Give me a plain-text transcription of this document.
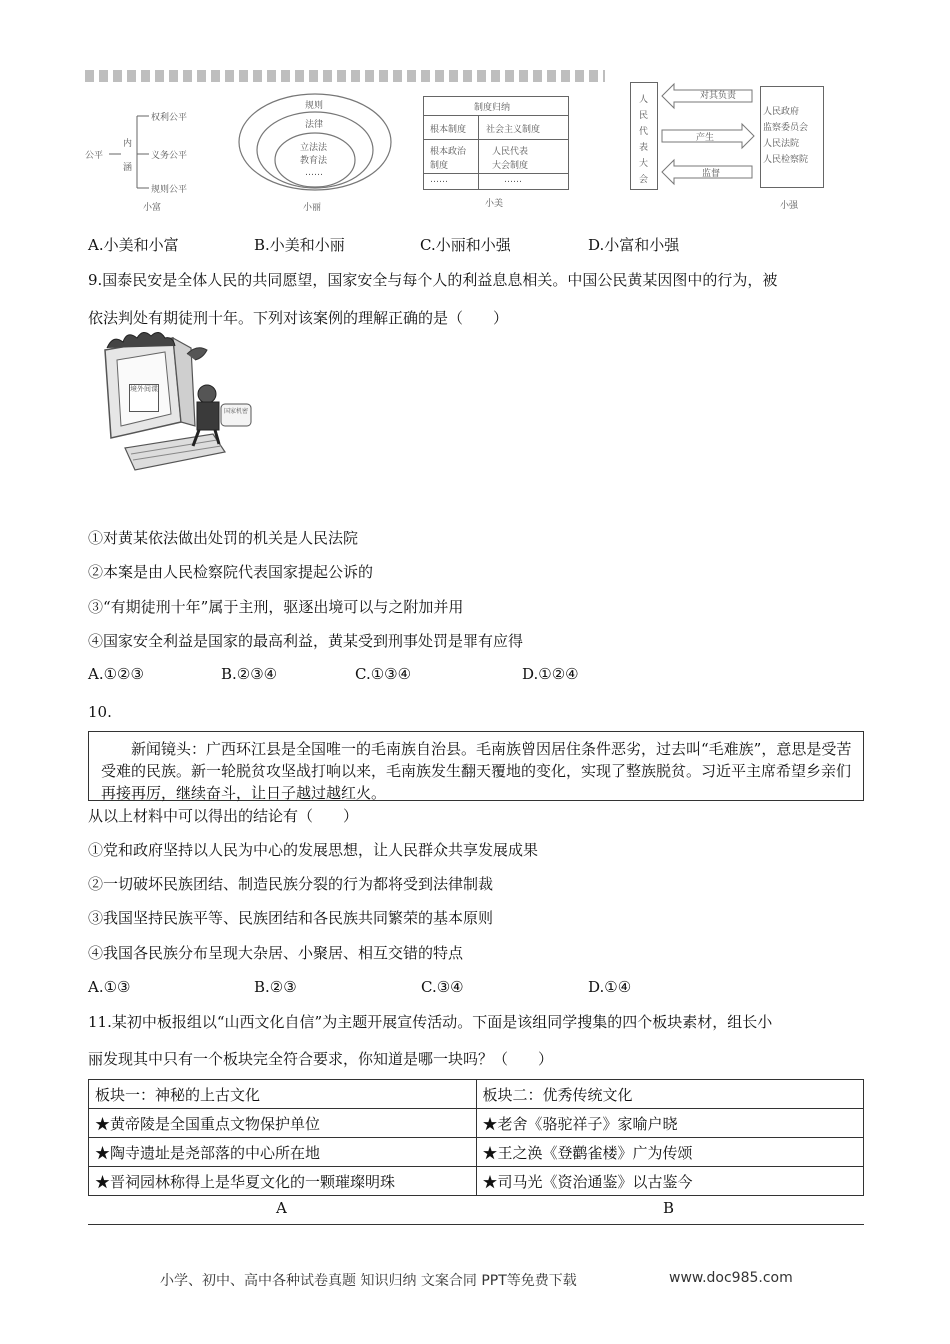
公平
内
涵
权利公平
义务公平
规则公平
小富
规则
法律
立法法
教育法
……
小丽
制度归纳
根本制度 社会主义制度
根本政治	人民代表
制度	大会制度
……	……
小美
人民代表大会
对其负责
产生
监督
人民政府
监察委员会
人民法院
人民检察院
小强
A.小美和小富	B.小美和小丽	C.小丽和小强	D.小富和小强
9.国泰民安是全体人民的共同愿望，国家安全与每个人的利益息息相关。中国公民黄某因图中的行为，被
依法判处有期徒刑十年。下列对该案例的理解正确的是（　　）
境外间谍
国家机密
①对黄某依法做出处罚的机关是人民法院
②本案是由人民检察院代表国家提起公诉的
③“有期徒刑十年”属于主刑，驱逐出境可以与之附加并用
④国家安全利益是国家的最高利益，黄某受到刑事处罚是罪有应得
A.①②③	B.②③④	C.①③④	D.①②④
10.

新闻镜头：广西环江县是全国唯一的毛南族自治县。毛南族曾因居住条件恶劣，过去叫“毛难族”，意思是受苦受难的民族。新一轮脱贫攻坚战打响以来，毛南族发生翻天覆地的变化，实现了整族脱贫。习近平主席希望乡亲们再接再厉，继续奋斗，让日子越过越红火。

从以上材料中可以得出的结论有（　　）
①党和政府坚持以人民为中心的发展思想，让人民群众共享发展成果
②一切破坏民族团结、制造民族分裂的行为都将受到法律制裁
③我国坚持民族平等、民族团结和各民族共同繁荣的基本原则
④我国各民族分布呈现大杂居、小聚居、相互交错的特点
A.①③	B.②③	C.③④	D.①④
11.某初中板报组以“山西文化自信”为主题开展宣传活动。下面是该组同学搜集的四个板块素材，组长小
丽发现其中只有一个板块完全符合要求，你知道是哪一块吗？（　　）
板块一：神秘的上古文化	板块二：优秀传统文化
★黄帝陵是全国重点文物保护单位	★老舍《骆驼祥子》家喻户晓
★陶寺遗址是尧部落的中心所在地	★王之涣《登鹳雀楼》广为传颂
★晋祠园林称得上是华夏文化的一颗璀璨明珠	★司马光《资治通鉴》以古鉴今
A	B
小学、初中、高中各种试卷真题 知识归纳 文案合同 PPT等免费下载	www.doc985.com
